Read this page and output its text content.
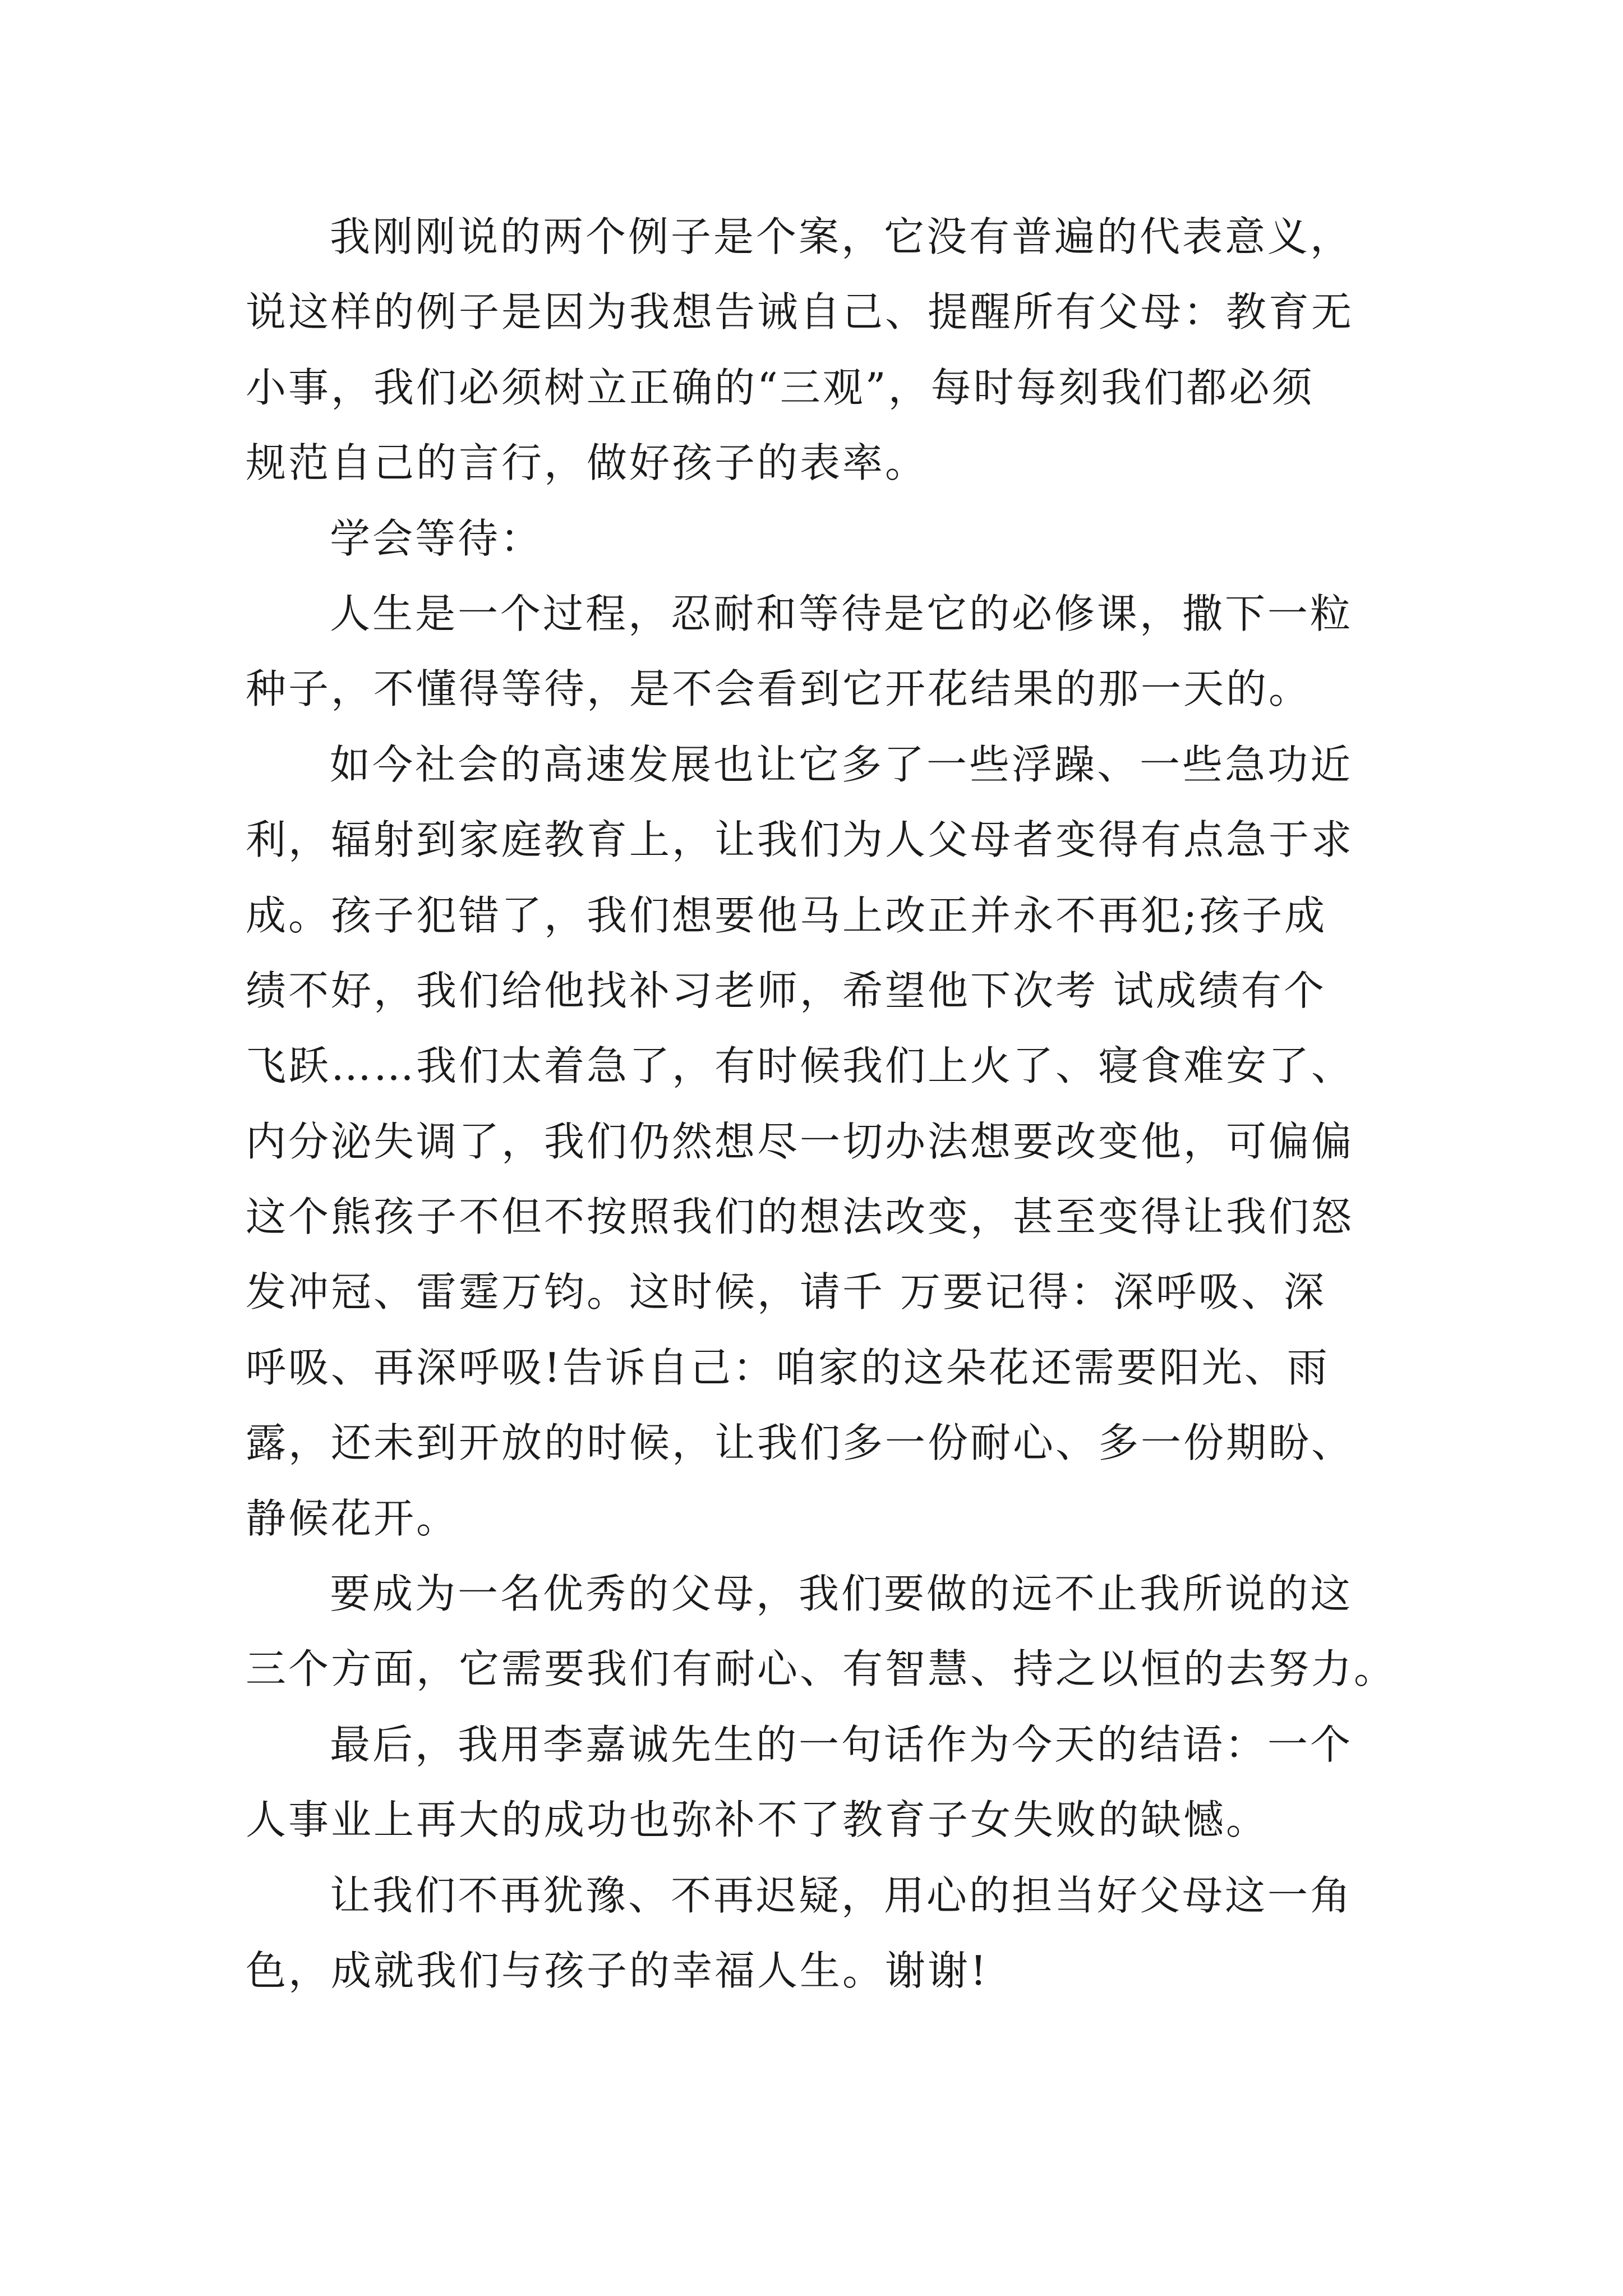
我刚刚说的两个例子是个案，它没有普遍的代表意义，
说这样的例子是因为我想告诫自己、提醒所有父母：教育无
小事，我们必须树立正确的“三观”，每时每刻我们都必须
规范自己的言行，做好孩子的表率。
学会等待：
人生是一个过程，忍耐和等待是它的必修课，撒下一粒
种子，不懂得等待，是不会看到它开花结果的那一天的。
如今社会的高速发展也让它多了一些浮躁、一些急功近
利，辐射到家庭教育上，让我们为人父母者变得有点急于求
成。孩子犯错了，我们想要他马上改正并永不再犯;孩子成
绩不好，我们给他找补习老师，希望他下次考 试成绩有个
飞跃……我们太着急了，有时候我们上火了、寝食难安了、
内分泌失调了，我们仍然想尽一切办法想要改变他，可偏偏
这个熊孩子不但不按照我们的想法改变，甚至变得让我们怒
发冲冠、雷霆万钧。这时候，请千 万要记得：深呼吸、深
呼吸、再深呼吸!告诉自己：咱家的这朵花还需要阳光、雨
露，还未到开放的时候，让我们多一份耐心、多一份期盼、
静候花开。
要成为一名优秀的父母，我们要做的远不止我所说的这
三个方面，它需要我们有耐心、有智慧、持之以恒的去努力。
最后，我用李嘉诚先生的一句话作为今天的结语：一个
人事业上再大的成功也弥补不了教育子女失败的缺憾。
让我们不再犹豫、不再迟疑，用心的担当好父母这一角
色，成就我们与孩子的幸福人生。谢谢!
